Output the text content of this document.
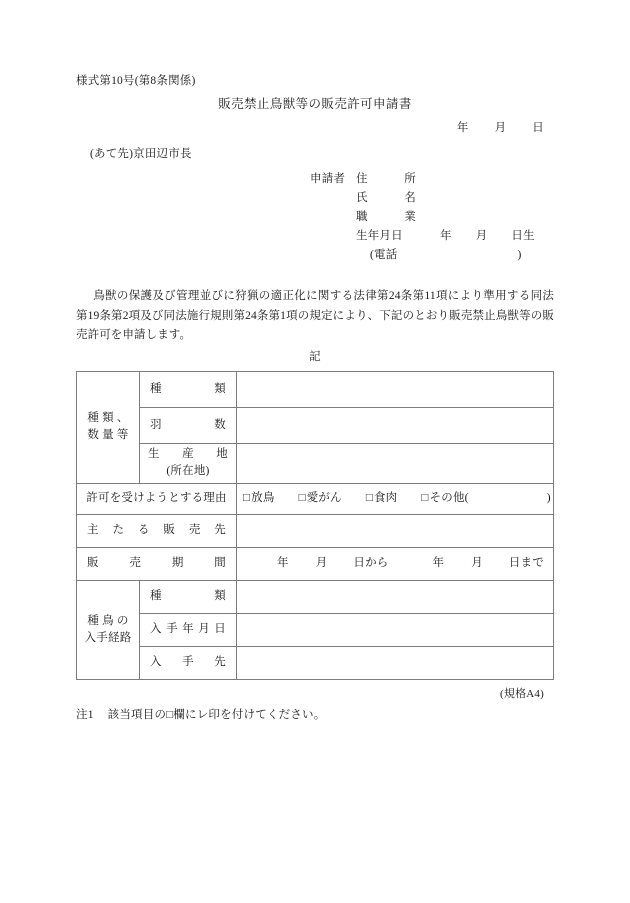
様式第10号(第8条関係)
販売禁止鳥獣等の販売許可申請書
年 月 日
(あて先)京田辺市長
申請者 住	所
氏	名
職	業
生年月日	年 月 日生
(電話	)
鳥獣の保護及び管理並びに狩猟の適正化に関する法律第24条第11項により準用する同法第19条第2項及び同法施行規則第24条第1項の規定により、下記のとおり販売禁止鳥獣等の販売許可を申請します。
記
種 類 、
数 量 等

種	類

	羽 数	

	生 産 地
(所在地)	

許可を受けようとする理由		□放鳥 □愛がん □食肉 □その他( )

主 た る 販 売 先

販 売 期 間		年 月 日から 年 月 日まで

種 鳥 の
入手経路

種	類

	入 手 年 月 日	

	入 手 先	

(規格A4)
注1 該当項目の□欄にレ印を付けてください。
